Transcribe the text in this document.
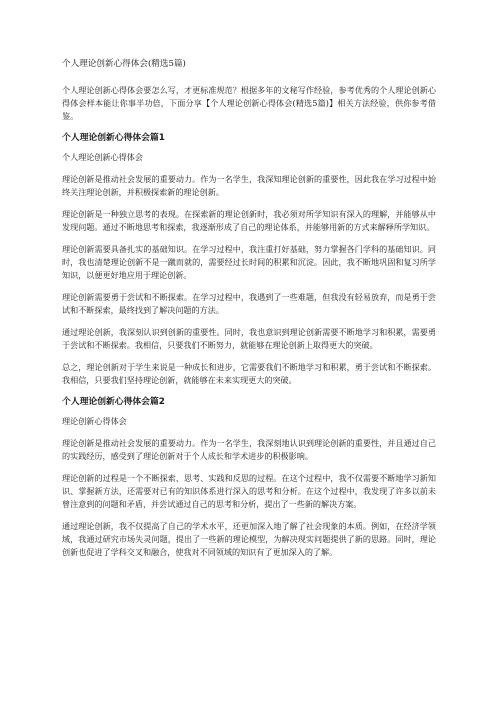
个人理论创新心得体会(精选5篇)

个人理论创新心得体会要怎么写，才更标准规范？根据多年的文秘写作经验，参考优秀的个人理论创新心得体会样本能让你事半功倍，下面分享【个人理论创新心得体会(精选5篇)】相关方法经验，供你参考借鉴。

个人理论创新心得体会篇1
个人理论创新心得体会

理论创新是推动社会发展的重要动力。作为一名学生，我深知理论创新的重要性，因此我在学习过程中始终关注理论创新，并积极探索新的理论创新。

理论创新是一种独立思考的表现。在探索新的理论创新时，我必须对所学知识有深入的理解，并能够从中发现问题。通过不断地思考和探索，我逐渐形成了自己的理论体系，并能够用新的方式来解释所学知识。

理论创新需要具备扎实的基础知识。在学习过程中，我注重打好基础，努力掌握各门学科的基础知识。同时，我也清楚理论创新不是一蹴而就的，需要经过长时间的积累和沉淀。因此，我不断地巩固和复习所学知识，以便更好地应用于理论创新。

理论创新需要勇于尝试和不断探索。在学习过程中，我遇到了一些难题，但我没有轻易放弃，而是勇于尝试和不断探索，最终找到了解决问题的方法。

通过理论创新，我深刻认识到创新的重要性。同时，我也意识到理论创新需要不断地学习和积累，需要勇于尝试和不断探索。我相信，只要我们不断努力，就能够在理论创新上取得更大的突破。

总之，理论创新对于学生来说是一种成长和进步，它需要我们不断地学习和积累，勇于尝试和不断探索。我相信，只要我们坚持理论创新，就能够在未来实现更大的突破。

个人理论创新心得体会篇2
理论创新心得体会

理论创新是推动社会发展的重要动力。作为一名学生，我深刻地认识到理论创新的重要性，并且通过自己的实践经历，感受到了理论创新对于个人成长和学术进步的积极影响。

理论创新的过程是一个不断探索、思考、实践和反思的过程。在这个过程中，我不仅需要不断地学习新知识、掌握新方法，还需要对已有的知识体系进行深入的思考和分析。在这个过程中，我发现了许多以前未曾注意到的问题和矛盾，并尝试通过自己的思考和分析，提出了一些新的解决方案。

通过理论创新，我不仅提高了自己的学术水平，还更加深入地了解了社会现象的本质。例如，在经济学领域，我通过研究市场失灵问题，提出了一些新的理论模型，为解决现实问题提供了新的思路。同时，理论创新也促进了学科交叉和融合，使我对不同领域的知识有了更加深入的了解。
